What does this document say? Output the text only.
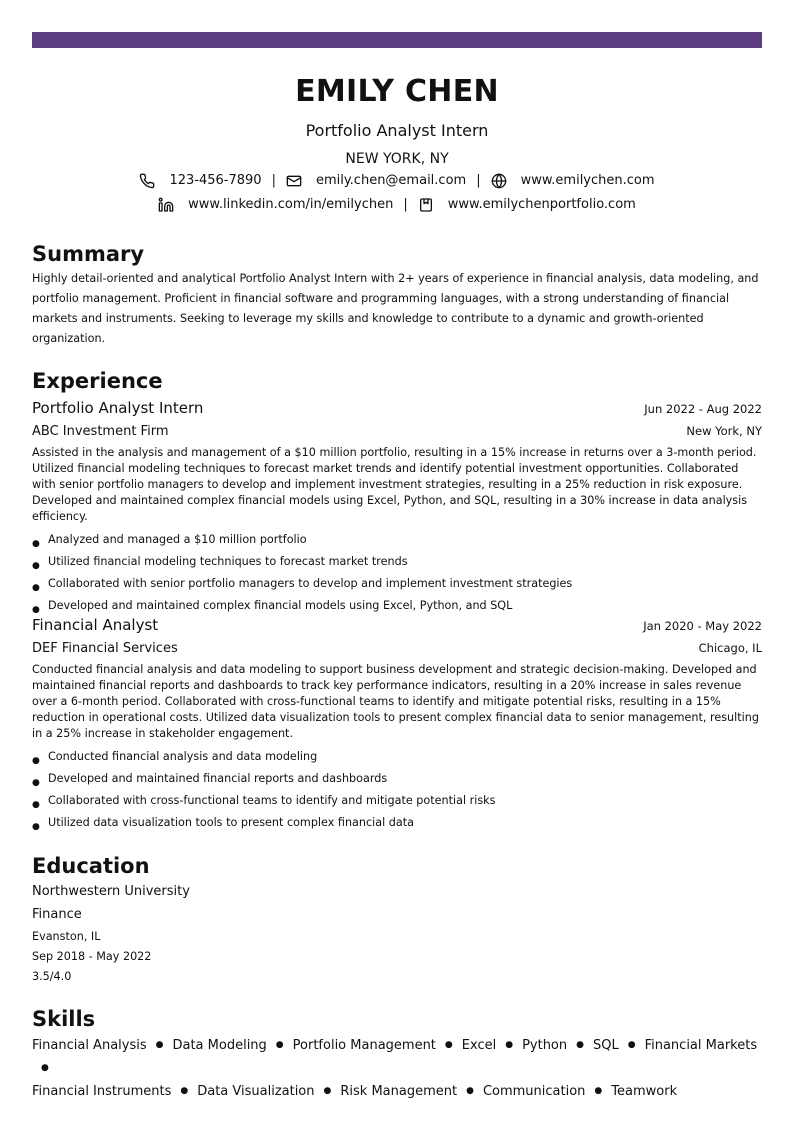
EMILY CHEN
Portfolio Analyst Intern
NEW YORK, NY
123-456-7890 |	emily.chen@email.com |	www.emilychen.com
www.linkedin.com/in/emilychen |	www.emilychenportfolio.com
Summary
Highly detail-oriented and analytical Portfolio Analyst Intern with 2+ years of experience in financial analysis, data modeling, and portfolio management. Proficient in financial software and programming languages, with a strong understanding of financial markets and instruments. Seeking to leverage my skills and knowledge to contribute to a dynamic and growth-oriented organization.
Experience
Portfolio Analyst Intern	Jun 2022 - Aug 2022
ABC Investment Firm	New York, NY
Assisted in the analysis and management of a $10 million portfolio, resulting in a 15% increase in returns over a 3-month period. Utilized financial modeling techniques to forecast market trends and identify potential investment opportunities. Collaborated with senior portfolio managers to develop and implement investment strategies, resulting in a 25% reduction in risk exposure. Developed and maintained complex financial models using Excel, Python, and SQL, resulting in a 30% increase in data analysis efficiency.
● Analyzed and managed a $10 million portfolio
● Utilized financial modeling techniques to forecast market trends
● Collaborated with senior portfolio managers to develop and implement investment strategies
● Developed and maintained complex financial models using Excel, Python, and SQL
Financial Analyst	Jan 2020 - May 2022
DEF Financial Services	Chicago, IL
Conducted financial analysis and data modeling to support business development and strategic decision-making. Developed and maintained financial reports and dashboards to track key performance indicators, resulting in a 20% increase in sales revenue over a 6-month period. Collaborated with cross-functional teams to identify and mitigate potential risks, resulting in a 15% reduction in operational costs. Utilized data visualization tools to present complex financial data to senior management, resulting in a 25% increase in stakeholder engagement.
● Conducted financial analysis and data modeling
● Developed and maintained financial reports and dashboards
● Collaborated with cross-functional teams to identify and mitigate potential risks
● Utilized data visualization tools to present complex financial data
Education
Northwestern University
Finance
Evanston, IL
Sep 2018 - May 2022
3.5/4.0
Skills
Financial Analysis ● Data Modeling ● Portfolio Management ● Excel ● Python ● SQL ● Financial Markets●
Financial Instruments ● Data Visualization ● Risk Management ● Communication ● Teamwork
